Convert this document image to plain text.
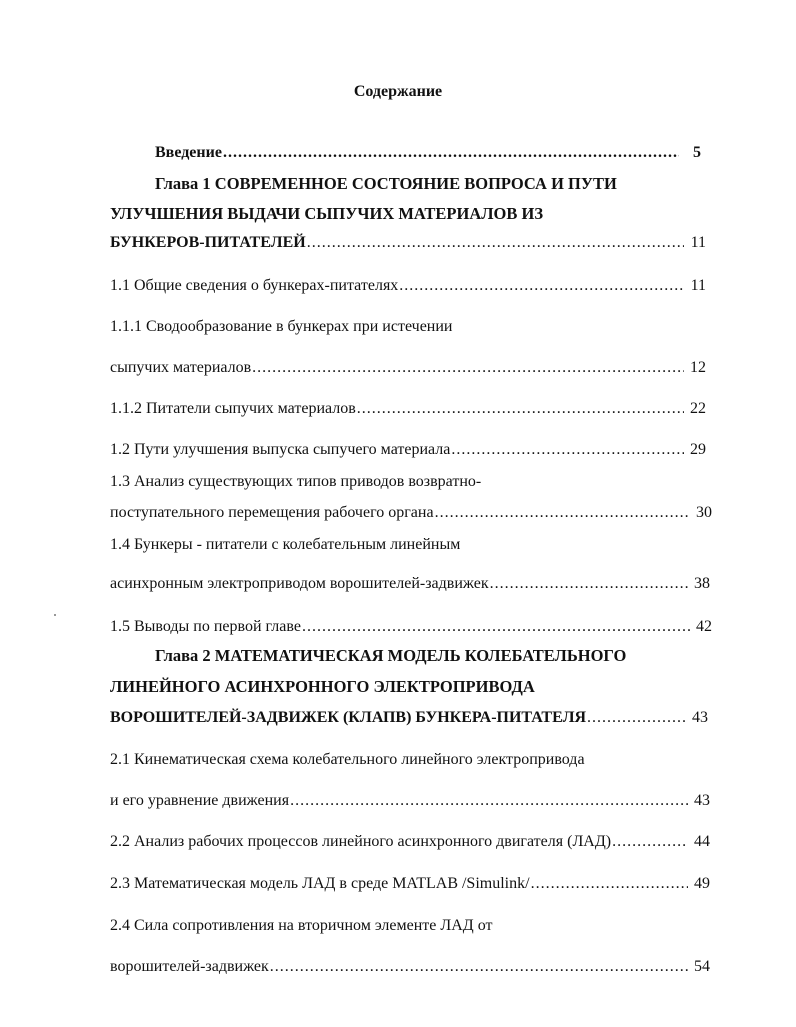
Содержание
Введение .....	5
Глава 1 СОВРЕМЕННОЕ СОСТОЯНИЕ ВОПРОСА И ПУТИ
УЛУЧШЕНИЯ ВЫДАЧИ СЫПУЧИХ МАТЕРИАЛОВ ИЗ
БУНКЕРОВ-ПИТАТЕЛЕЙ .....	11
1.1 Общие сведения о бункерах-питателях .....	11
1.1.1 Сводообразование в бункерах при истечении
сыпучих материалов .....	12
1.1.2 Питатели сыпучих материалов .....	22
1.2 Пути улучшения выпуска сыпучего материала .....	29
1.3 Анализ существующих типов приводов возвратно-
поступательного перемещения рабочего органа .....	30
1.4 Бункеры - питатели с колебательным линейным
асинхронным электроприводом ворошителей-задвижек .....	38
1.5 Выводы по первой главе .....	42
Глава 2 МАТЕМАТИЧЕСКАЯ МОДЕЛЬ КОЛЕБАТЕЛЬНОГО
ЛИНЕЙНОГО АСИНХРОННОГО ЭЛЕКТРОПРИВОДА
ВОРОШИТЕЛЕЙ-ЗАДВИЖЕК (КЛАПВ) БУНКЕРА-ПИТАТЕЛЯ .....	43
2.1 Кинематическая схема колебательного линейного электропривода
и его уравнение движения .....	43
2.2 Анализ рабочих процессов линейного асинхронного двигателя (ЛАД) .....	44
2.3 Математическая модель ЛАД в среде MATLAB /Simulink/ .....	49
2.4 Сила сопротивления на вторичном элементе ЛАД от
ворошителей-задвижек .....	54
